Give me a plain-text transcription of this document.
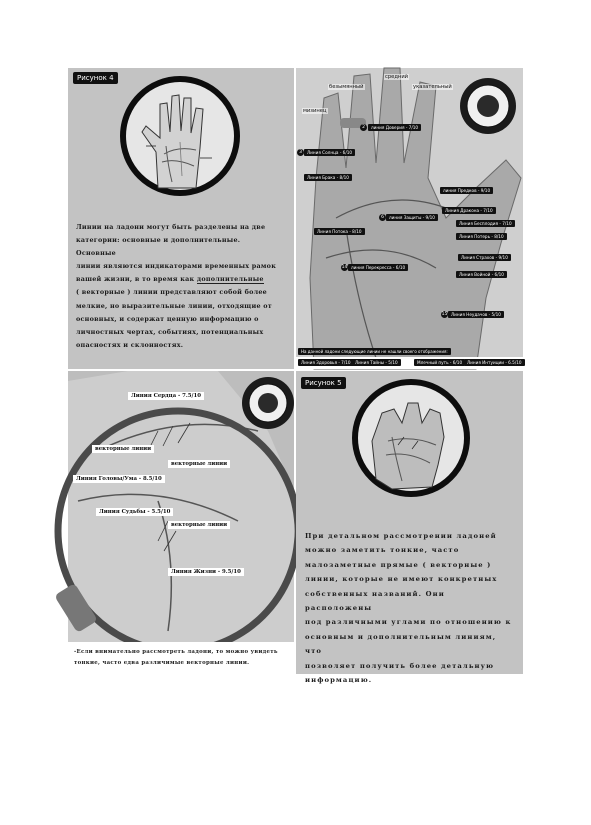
Рисунок 4
Линии на ладони могут быть разделены на две
категории: основные и дополнительные. Основные
линии являются индикаторами временных рамок
вашей жизни, в то время как дополнительные
( векторные ) линии представляют собой более
мелкие, но выразительные линии, отходящие от
основных, и содержат ценную информацию о
личностных чертах, событиях, потенциальных
опасностях и склонностях.
безымянный
средний
указательный
мизинец
линия Доверия - 7/10
Линия Солнца - 6/10
Линия Брака - 8/10
линия Предков - 9/10
Линия Дракона - 7/10
линия Защиты - 9/10
Линия Бесплодия - 7/10
Линия Потока - 8/10
Линия Потерь - 8/10
Линия Страхов - 9/10
линия Перекресса - 6/10
Линия Войной - 6/10
Линия Неудачов - 5/10
2
3
6
14
15
На данной ладони следующие линии не нашли своего отображения:
Линия Здоровья - 7/10	Линия Тайны - 5/10	Млечный путь - 6/10	Линия Интуиции - 6.5/10
Линия Сердца - 7.5/10
векторные линии
векторные линии
Линия Головы/Ума - 8.5/10
Линия Судьбы - 5.5/10
векторные линии
Линия Жизни - 9.5/10
-Если внимательно рассмотреть ладони, то можно увидеть тонкие, часто едва различимые векторные линии.
Рисунок 5
При детальном рассмотрении ладоней
можно заметить тонкие, часто
малозаметные прямые ( векторные )
линии, которые не имеют конкретных
собственных названий. Они расположены
под различными углами по отношению к
основным и дополнительным линиям, что
позволяет получить более детальную
информацию.
